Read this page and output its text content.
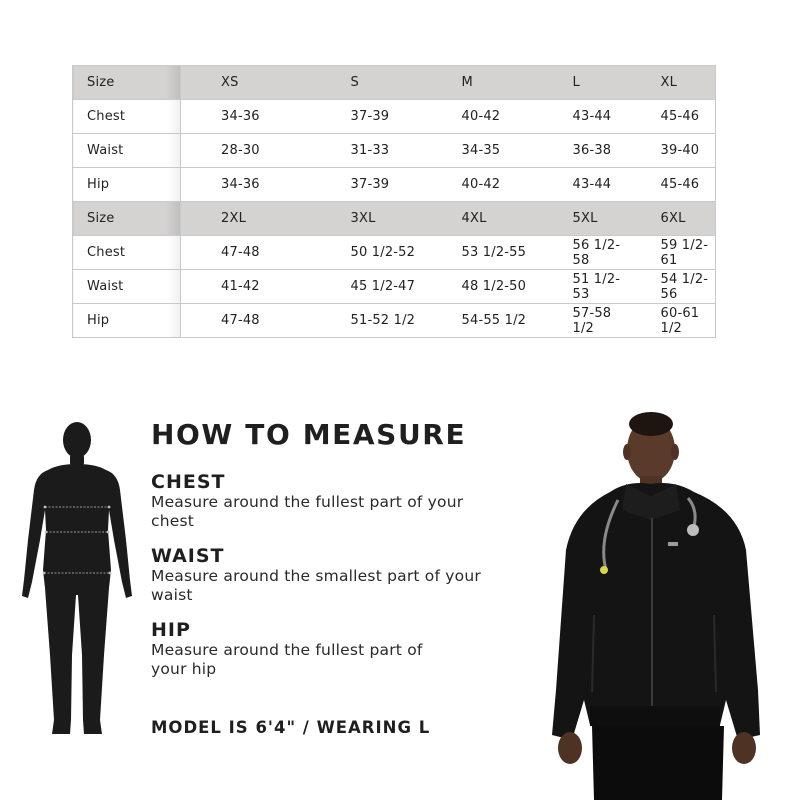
Size	XS	S	M	L	XL
Chest	34-36	37-39	40-42	43-44	45-46
Waist	28-30	31-33	34-35	36-38	39-40
Hip	34-36	37-39	40-42	43-44	45-46
Size	2XL	3XL	4XL	5XL	6XL
Chest	47-48	50 1/2-52	53 1/2-55	56 1/2-58	59 1/2-61
Waist	41-42	45 1/2-47	48 1/2-50	51 1/2-53	54 1/2-56
Hip	47-48	51-52 1/2	54-55 1/2	57-58 1/2	60-61 1/2
HOW TO MEASURE
CHEST
Measure around the fullest part of your chest
WAIST
Measure around the smallest part of your waist
HIP
Measure around the fullest part of your hip
MODEL IS 6'4" / WEARING L
